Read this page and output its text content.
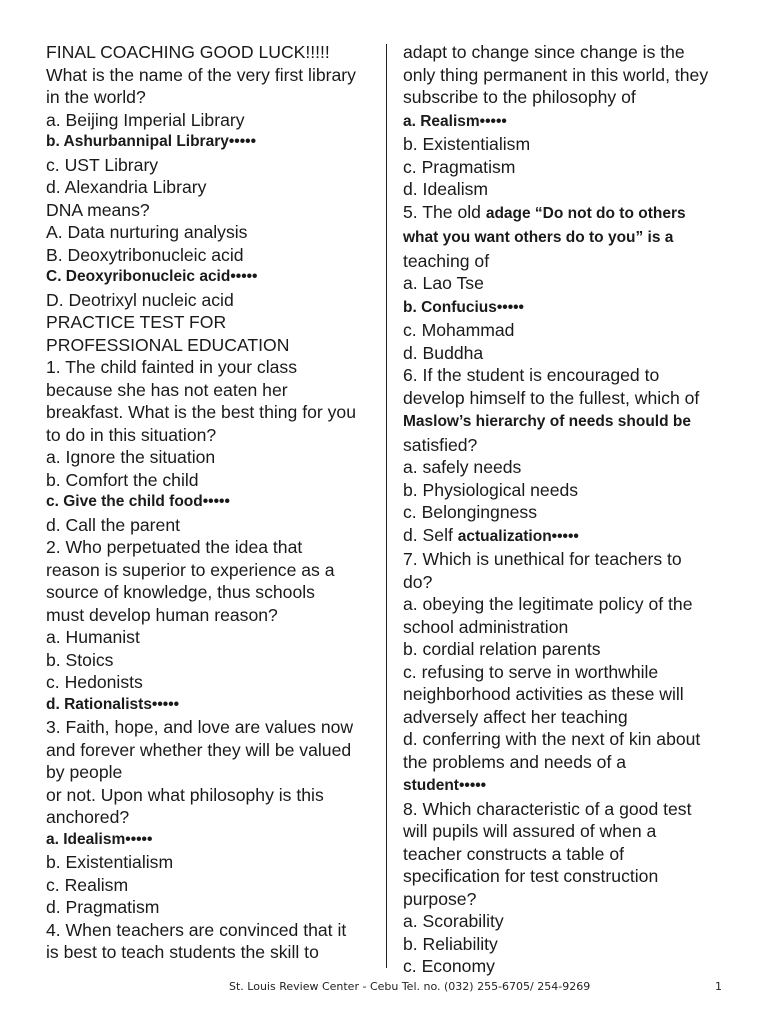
FINAL COACHING GOOD LUCK!!!!!
What is the name of the very first library
in the world?
a. Beijing Imperial Library
b. Ashurbannipal Library•••••
c. UST Library
d. Alexandria Library
DNA means?
A. Data nurturing analysis
B. Deoxytribonucleic acid
C. Deoxyribonucleic acid•••••
D. Deotrixyl nucleic acid
PRACTICE TEST FOR
PROFESSIONAL EDUCATION
1. The child fainted in your class
because she has not eaten her
breakfast. What is the best thing for you
to do in this situation?
a. Ignore the situation
b. Comfort the child
c. Give the child food•••••
d. Call the parent
2. Who perpetuated the idea that
reason is superior to experience as a
source of knowledge, thus schools
must develop human reason?
a. Humanist
b. Stoics
c. Hedonists
d. Rationalists•••••
3. Faith, hope, and love are values now
and forever whether they will be valued
by people
or not. Upon what philosophy is this
anchored?
a. Idealism•••••
b. Existentialism
c. Realism
d. Pragmatism
4. When teachers are convinced that it
is best to teach students the skill to
adapt to change since change is the
only thing permanent in this world, they
subscribe to the philosophy of
a. Realism•••••
b. Existentialism
c. Pragmatism
d. Idealism
5. The old adage “Do not do to others
what you want others do to you” is a
teaching of
a. Lao Tse
b. Confucius•••••
c. Mohammad
d. Buddha
6. If the student is encouraged to
develop himself to the fullest, which of
Maslow’s hierarchy of needs should be
satisfied?
a. safely needs
b. Physiological needs
c. Belongingness
d. Self actualization•••••
7. Which is unethical for teachers to
do?
a. obeying the legitimate policy of the
school administration
b. cordial relation parents
c. refusing to serve in worthwhile
neighborhood activities as these will
adversely affect her teaching
d. conferring with the next of kin about
the problems and needs of a
student•••••
8. Which characteristic of a good test
will pupils will assured of when a
teacher constructs a table of
specification for test construction
purpose?
a. Scorability
b. Reliability
c. Economy
St. Louis Review Center - Cebu Tel. no. (032) 255-6705/ 254-9269	1
